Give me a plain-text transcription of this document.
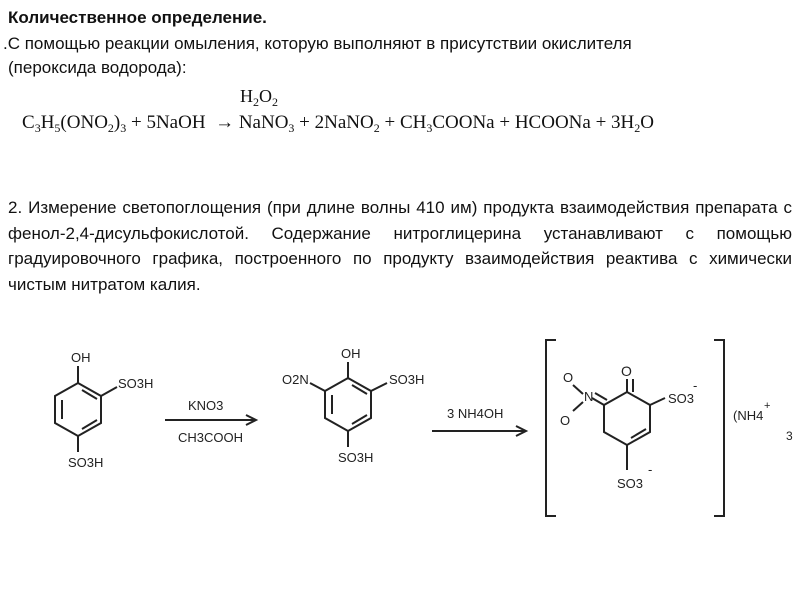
Количественное определение.
.С помощью реакции омыления, которую выполняют в присутствии окислителя
(пероксида водорода):
$H_2O_2$
$C_3H_5(ONO_2)_3$ + 5NaOH  → NaNO$_3$ + 2NaNO$_2$ + $CH_3COONa$ + HCOONa + $3H_2O$
2. Измерение светопоглощения (при длине волны 410 им) продукта взаимодействия препарата с фенол-2,4-дисульфокислотой. Содержание нитроглицерина устанавливают с помощью градуировочного графика, построенного по продукту взаимодействия реактива с химически чистым нитратом калия.
OH
SO3H
SO3H
KNO3
CH3COOH
OH
O2N	SO3H
SO3H
3 NH4OH
O
N
O
O
SO3
-
SO3
-
(NH4
+
3
